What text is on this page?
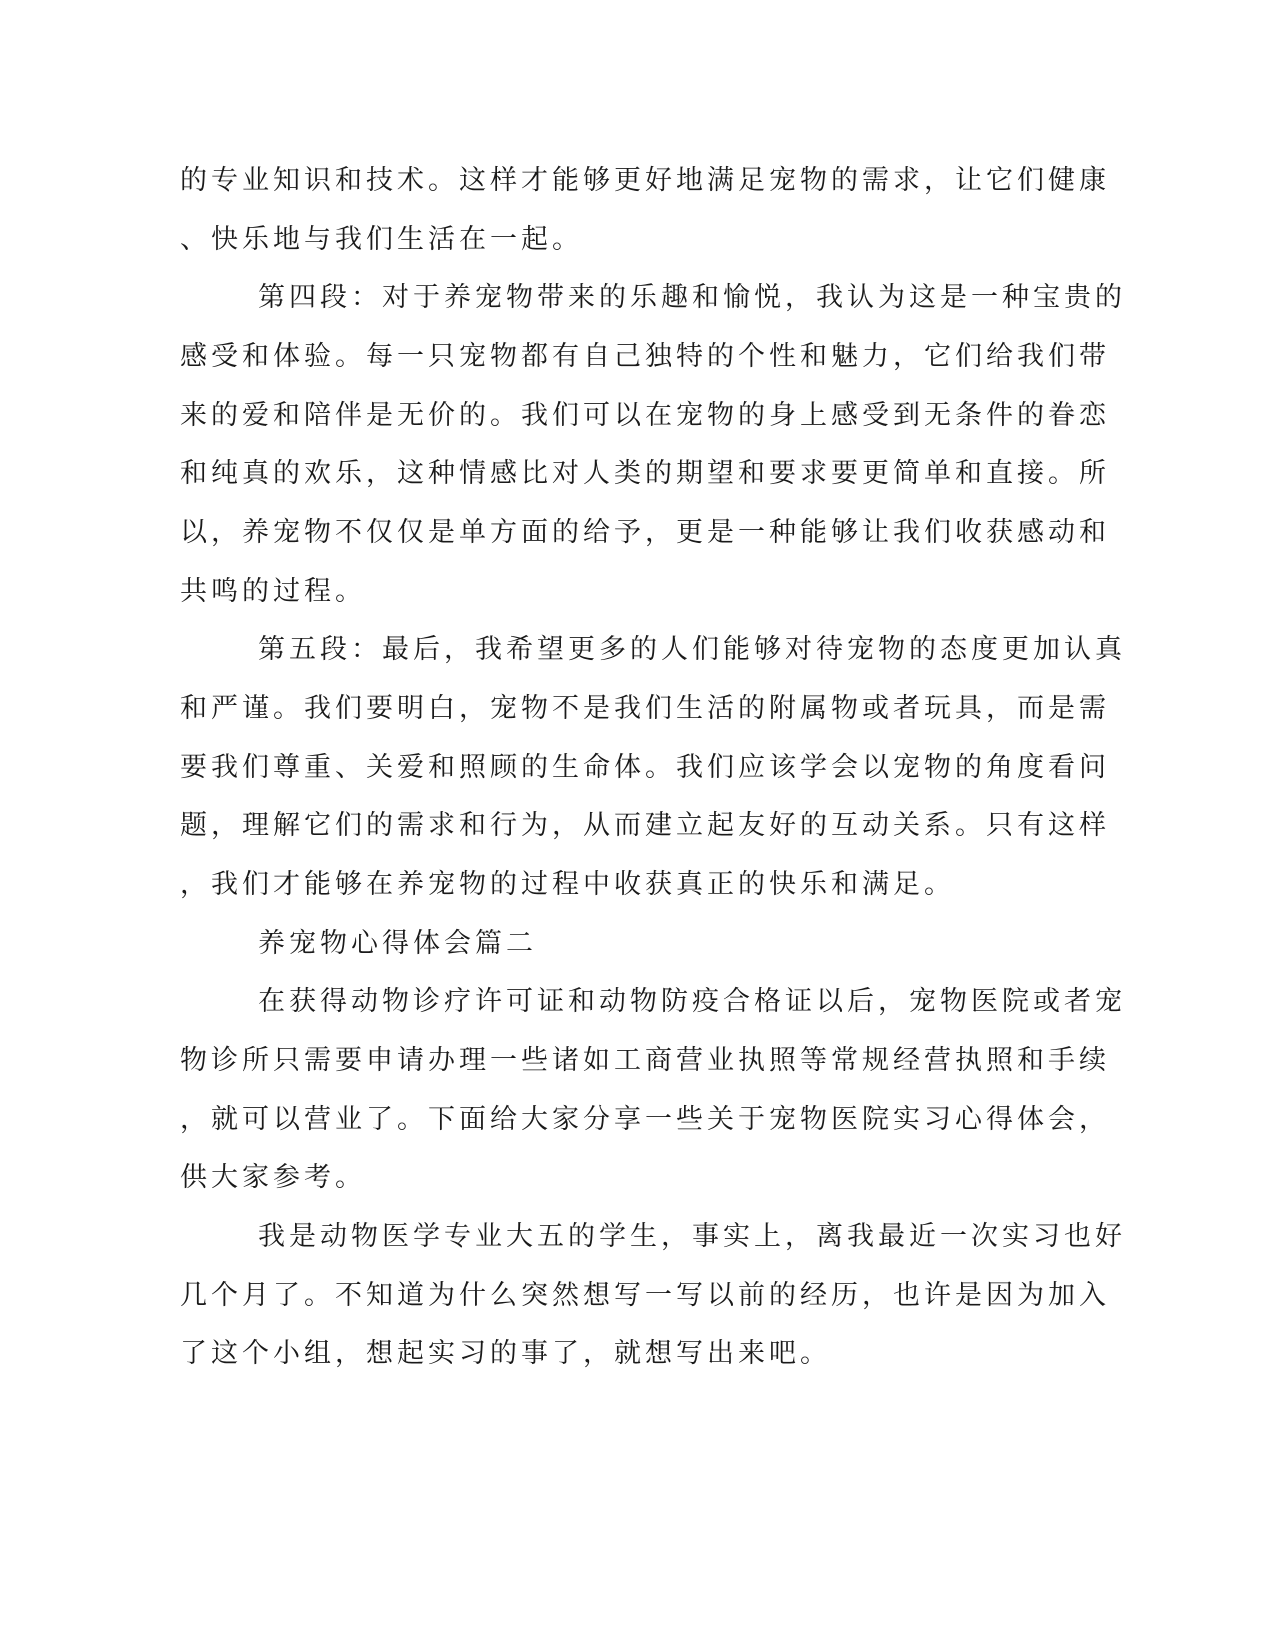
的专业知识和技术。这样才能够更好地满足宠物的需求，让它们健康
、快乐地与我们生活在一起。
第四段：对于养宠物带来的乐趣和愉悦，我认为这是一种宝贵的
感受和体验。每一只宠物都有自己独特的个性和魅力，它们给我们带
来的爱和陪伴是无价的。我们可以在宠物的身上感受到无条件的眷恋
和纯真的欢乐，这种情感比对人类的期望和要求要更简单和直接。所
以，养宠物不仅仅是单方面的给予，更是一种能够让我们收获感动和
共鸣的过程。
第五段：最后，我希望更多的人们能够对待宠物的态度更加认真
和严谨。我们要明白，宠物不是我们生活的附属物或者玩具，而是需
要我们尊重、关爱和照顾的生命体。我们应该学会以宠物的角度看问
题，理解它们的需求和行为，从而建立起友好的互动关系。只有这样
，我们才能够在养宠物的过程中收获真正的快乐和满足。
养宠物心得体会篇二
在获得动物诊疗许可证和动物防疫合格证以后，宠物医院或者宠
物诊所只需要申请办理一些诸如工商营业执照等常规经营执照和手续
，就可以营业了。下面给大家分享一些关于宠物医院实习心得体会，
供大家参考。
我是动物医学专业大五的学生，事实上，离我最近一次实习也好
几个月了。不知道为什么突然想写一写以前的经历，也许是因为加入
了这个小组，想起实习的事了，就想写出来吧。
